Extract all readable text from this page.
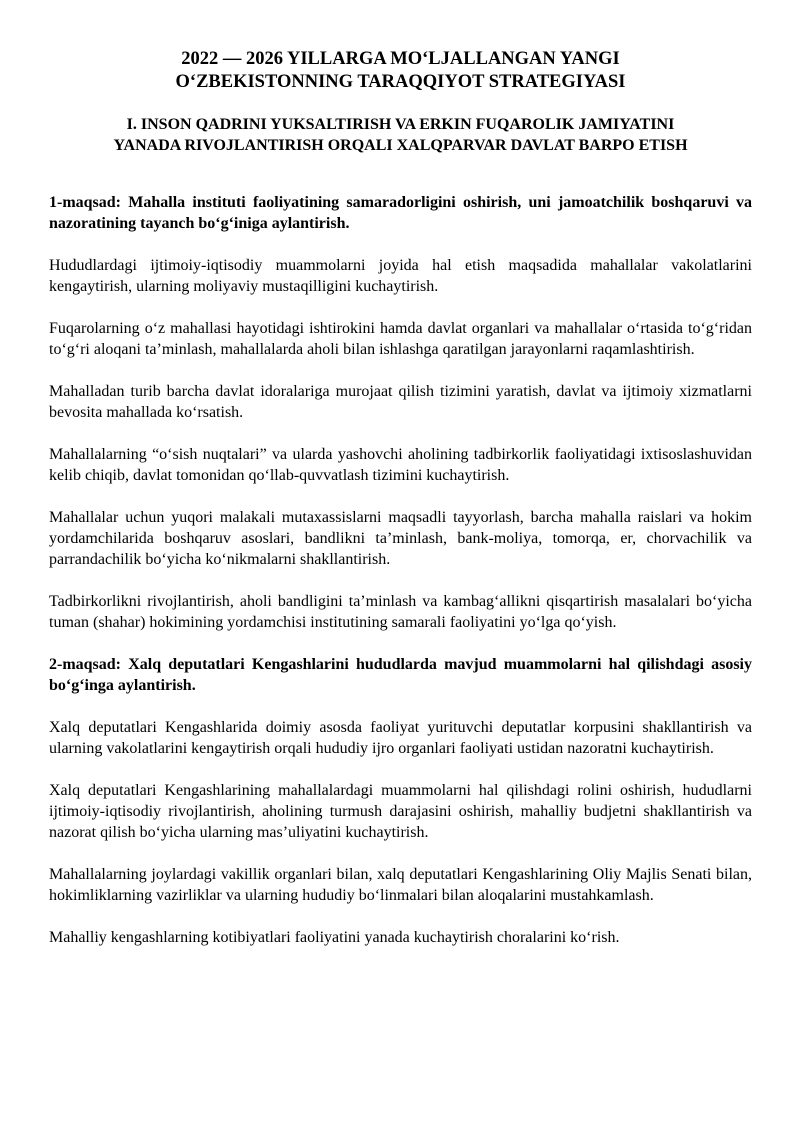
2022 — 2026 YILLARGA MO‘LJALLANGAN YANGI
O‘ZBEKISTONNING TARAQQIYOT STRATEGIYASI
I. INSON QADRINI YUKSALTIRISH VA ERKIN FUQAROLIK JAMIYATINI
YANADA RIVOJLANTIRISH ORQALI XALQPARVAR DAVLAT BARPO ETISH

1-maqsad: Mahalla instituti faoliyatining samaradorligini oshirish, uni jamoatchilik boshqaruvi va nazoratining tayanch bo‘g‘iniga aylantirish.

Hududlardagi ijtimoiy-iqtisodiy muammolarni joyida hal etish maqsadida mahallalar vakolatlarini kengaytirish, ularning moliyaviy mustaqilligini kuchaytirish.

Fuqarolarning o‘z mahallasi hayotidagi ishtirokini hamda davlat organlari va mahallalar o‘rtasida to‘g‘ridan to‘g‘ri aloqani ta’minlash, mahallalarda aholi bilan ishlashga qaratilgan jarayonlarni raqamlashtirish.

Mahalladan turib barcha davlat idoralariga murojaat qilish tizimini yaratish, davlat va ijtimoiy xizmatlarni bevosita mahallada ko‘rsatish.

Mahallalarning “o‘sish nuqtalari” va ularda yashovchi aholining tadbirkorlik faoliyatidagi ixtisoslashuvidan kelib chiqib, davlat tomonidan qo‘llab-quvvatlash tizimini kuchaytirish.

Mahallalar uchun yuqori malakali mutaxassislarni maqsadli tayyorlash, barcha mahalla raislari va hokim yordamchilarida boshqaruv asoslari, bandlikni ta’minlash, bank-moliya, tomorqa, er, chorvachilik va parrandachilik bo‘yicha ko‘nikmalarni shakllantirish.

Tadbirkorlikni rivojlantirish, aholi bandligini ta’minlash va kambag‘allikni qisqartirish masalalari bo‘yicha tuman (shahar) hokimining yordamchisi institutining samarali faoliyatini yo‘lga qo‘yish.

2-maqsad: Xalq deputatlari Kengashlarini hududlarda mavjud muammolarni hal qilishdagi asosiy bo‘g‘inga aylantirish.

Xalq deputatlari Kengashlarida doimiy asosda faoliyat yurituvchi deputatlar korpusini shakllantirish va ularning vakolatlarini kengaytirish orqali hududiy ijro organlari faoliyati ustidan nazoratni kuchaytirish.

Xalq deputatlari Kengashlarining mahallalardagi muammolarni hal qilishdagi rolini oshirish, hududlarni ijtimoiy-iqtisodiy rivojlantirish, aholining turmush darajasini oshirish, mahalliy budjetni shakllantirish va nazorat qilish bo‘yicha ularning mas’uliyatini kuchaytirish.

Mahallalarning joylardagi vakillik organlari bilan, xalq deputatlari Kengashlarining Oliy Majlis Senati bilan, hokimliklarning vazirliklar va ularning hududiy bo‘linmalari bilan aloqalarini mustahkamlash.

Mahalliy kengashlarning kotibiyatlari faoliyatini yanada kuchaytirish choralarini ko‘rish.
